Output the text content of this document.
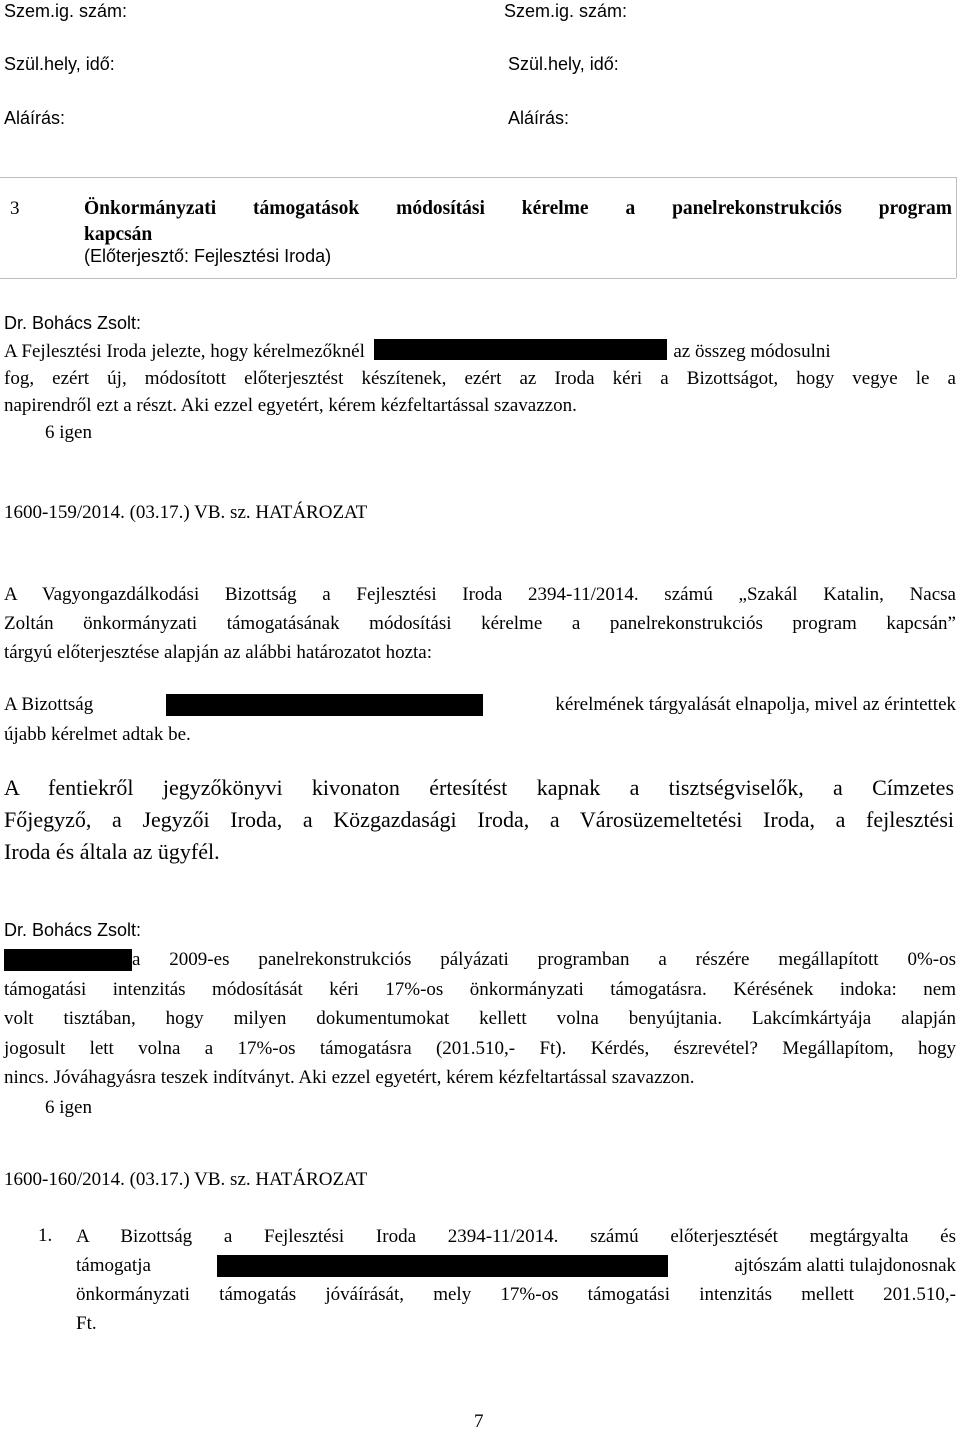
Szem.ig. szám:
Szül.hely, idő:
Aláírás:
Szem.ig. szám:
Szül.hely, idő:
Aláírás:
3	Önkormányzati támogatások módosítási kérelme a panelrekonstrukciós program
kapcsán
(Előterjesztő: Fejlesztési Iroda)
Dr. Bohács Zsolt:
A Fejlesztési Iroda jelezte, hogy kérelmezőknél	az összeg módosulni
fog, ezért új, módosított előterjesztést készítenek, ezért az Iroda kéri a Bizottságot, hogy vegye le a
napirendről ezt a részt. Aki ezzel egyetért, kérem kézfeltartással szavazzon.
6 igen
1600-159/2014. (03.17.) VB. sz. HATÁROZAT
A Vagyongazdálkodási Bizottság a Fejlesztési Iroda 2394-11/2014. számú „Szakál Katalin, Nacsa
Zoltán önkormányzati támogatásának módosítási kérelme a panelrekonstrukciós program kapcsán”
tárgyú előterjesztése alapján az alábbi határozatot hozta:
A Bizottság	kérelmének tárgyalását elnapolja, mivel az érintettek
újabb kérelmet adtak be.
A fentiekről jegyzőkönyvi kivonaton értesítést kapnak a tisztségviselők, a Címzetes
Főjegyző, a Jegyzői Iroda, a Közgazdasági Iroda, a Városüzemeltetési Iroda, a fejlesztési
Iroda és általa az ügyfél.
Dr. Bohács Zsolt:
a 2009-es panelrekonstrukciós pályázati programban a részére megállapított 0%-os
támogatási intenzitás módosítását kéri 17%-os önkormányzati támogatásra. Kérésének indoka: nem
volt tisztában, hogy milyen dokumentumokat kellett volna benyújtania. Lakcímkártyája alapján
jogosult lett volna a 17%-os támogatásra (201.510,- Ft). Kérdés, észrevétel? Megállapítom, hogy
nincs. Jóváhagyásra teszek indítványt. Aki ezzel egyetért, kérem kézfeltartással szavazzon.
6 igen
1600-160/2014. (03.17.) VB. sz. HATÁROZAT
1. A Bizottság a Fejlesztési Iroda 2394-11/2014. számú előterjesztését megtárgyalta és
támogatja	ajtószám alatti tulajdonosnak
önkormányzati támogatás jóváírását, mely 17%-os támogatási intenzitás mellett 201.510,-
Ft.
7
